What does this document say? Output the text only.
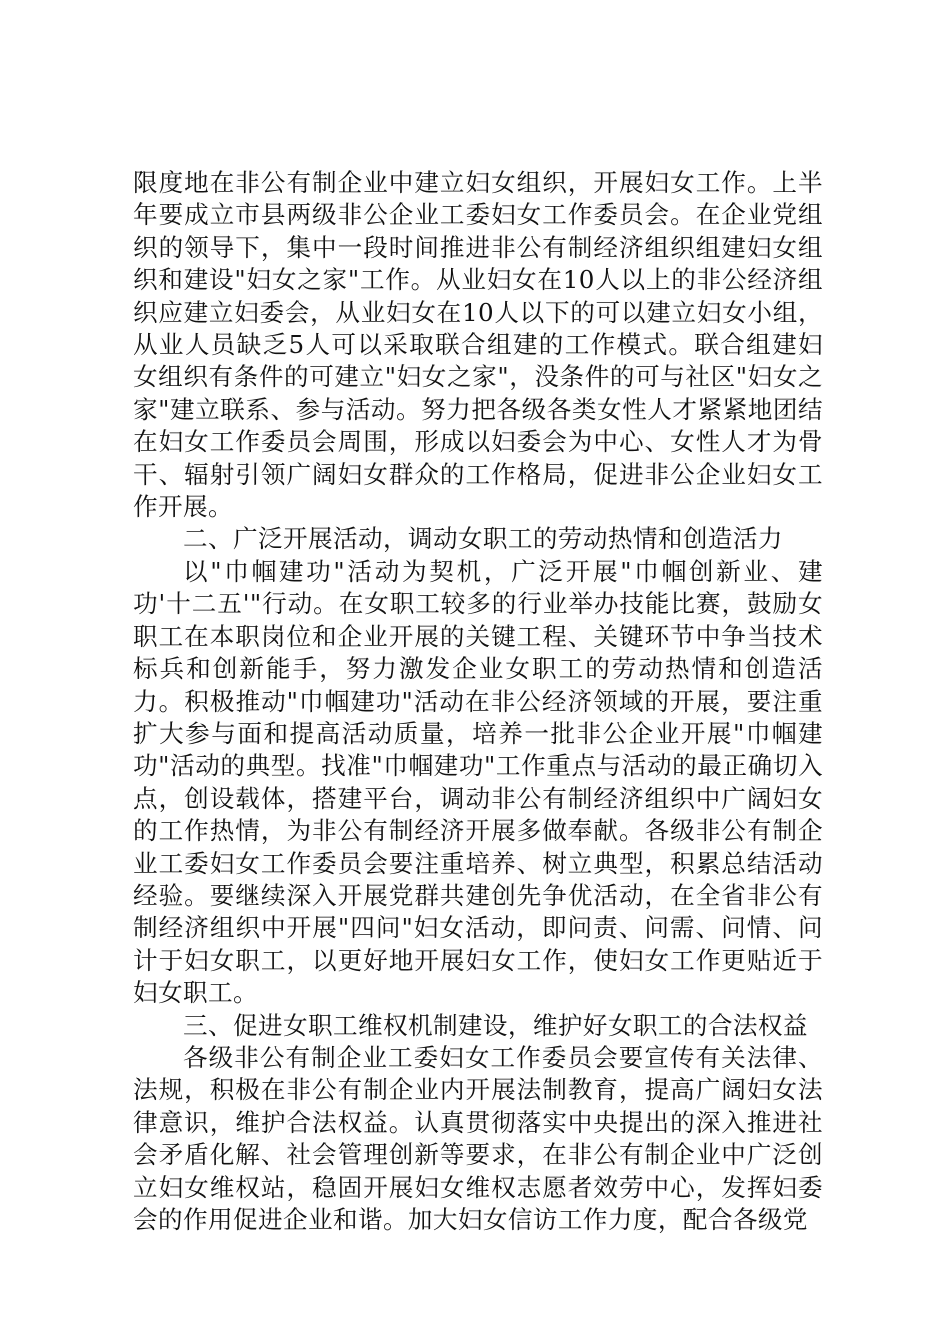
限度地在非公有制企业中建立妇女组织，开展妇女工作。上半年要成立市县两级非公企业工委妇女工作委员会。在企业党组织的领导下，集中一段时间推进非公有制经济组织组建妇女组织和建设"妇女之家"工作。从业妇女在10人以上的非公经济组织应建立妇委会，从业妇女在10人以下的可以建立妇女小组，从业人员缺乏5人可以采取联合组建的工作模式。联合组建妇女组织有条件的可建立"妇女之家"，没条件的可与社区"妇女之家"建立联系、参与活动。努力把各级各类女性人才紧紧地团结在妇女工作委员会周围，形成以妇委会为中心、女性人才为骨干、辐射引领广阔妇女群众的工作格局，促进非公企业妇女工作开展。

二、广泛开展活动，调动女职工的劳动热情和创造活力

以"巾帼建功"活动为契机，广泛开展"巾帼创新业、建功'十二五'"行动。在女职工较多的行业举办技能比赛，鼓励女职工在本职岗位和企业开展的关键工程、关键环节中争当技术标兵和创新能手，努力激发企业女职工的劳动热情和创造活力。积极推动"巾帼建功"活动在非公经济领域的开展，要注重扩大参与面和提高活动质量，培养一批非公企业开展"巾帼建功"活动的典型。找准"巾帼建功"工作重点与活动的最正确切入点，创设载体，搭建平台，调动非公有制经济组织中广阔妇女的工作热情，为非公有制经济开展多做奉献。各级非公有制企业工委妇女工作委员会要注重培养、树立典型，积累总结活动经验。要继续深入开展党群共建创先争优活动，在全省非公有制经济组织中开展"四问"妇女活动，即问责、问需、问情、问计于妇女职工，以更好地开展妇女工作，使妇女工作更贴近于妇女职工。

三、促进女职工维权机制建设，维护好女职工的合法权益

各级非公有制企业工委妇女工作委员会要宣传有关法律、法规，积极在非公有制企业内开展法制教育，提高广阔妇女法律意识，维护合法权益。认真贯彻落实中央提出的深入推进社会矛盾化解、社会管理创新等要求，在非公有制企业中广泛创立妇女维权站，稳固开展妇女维权志愿者效劳中心，发挥妇委会的作用促进企业和谐。加大妇女信访工作力度，配合各级党
